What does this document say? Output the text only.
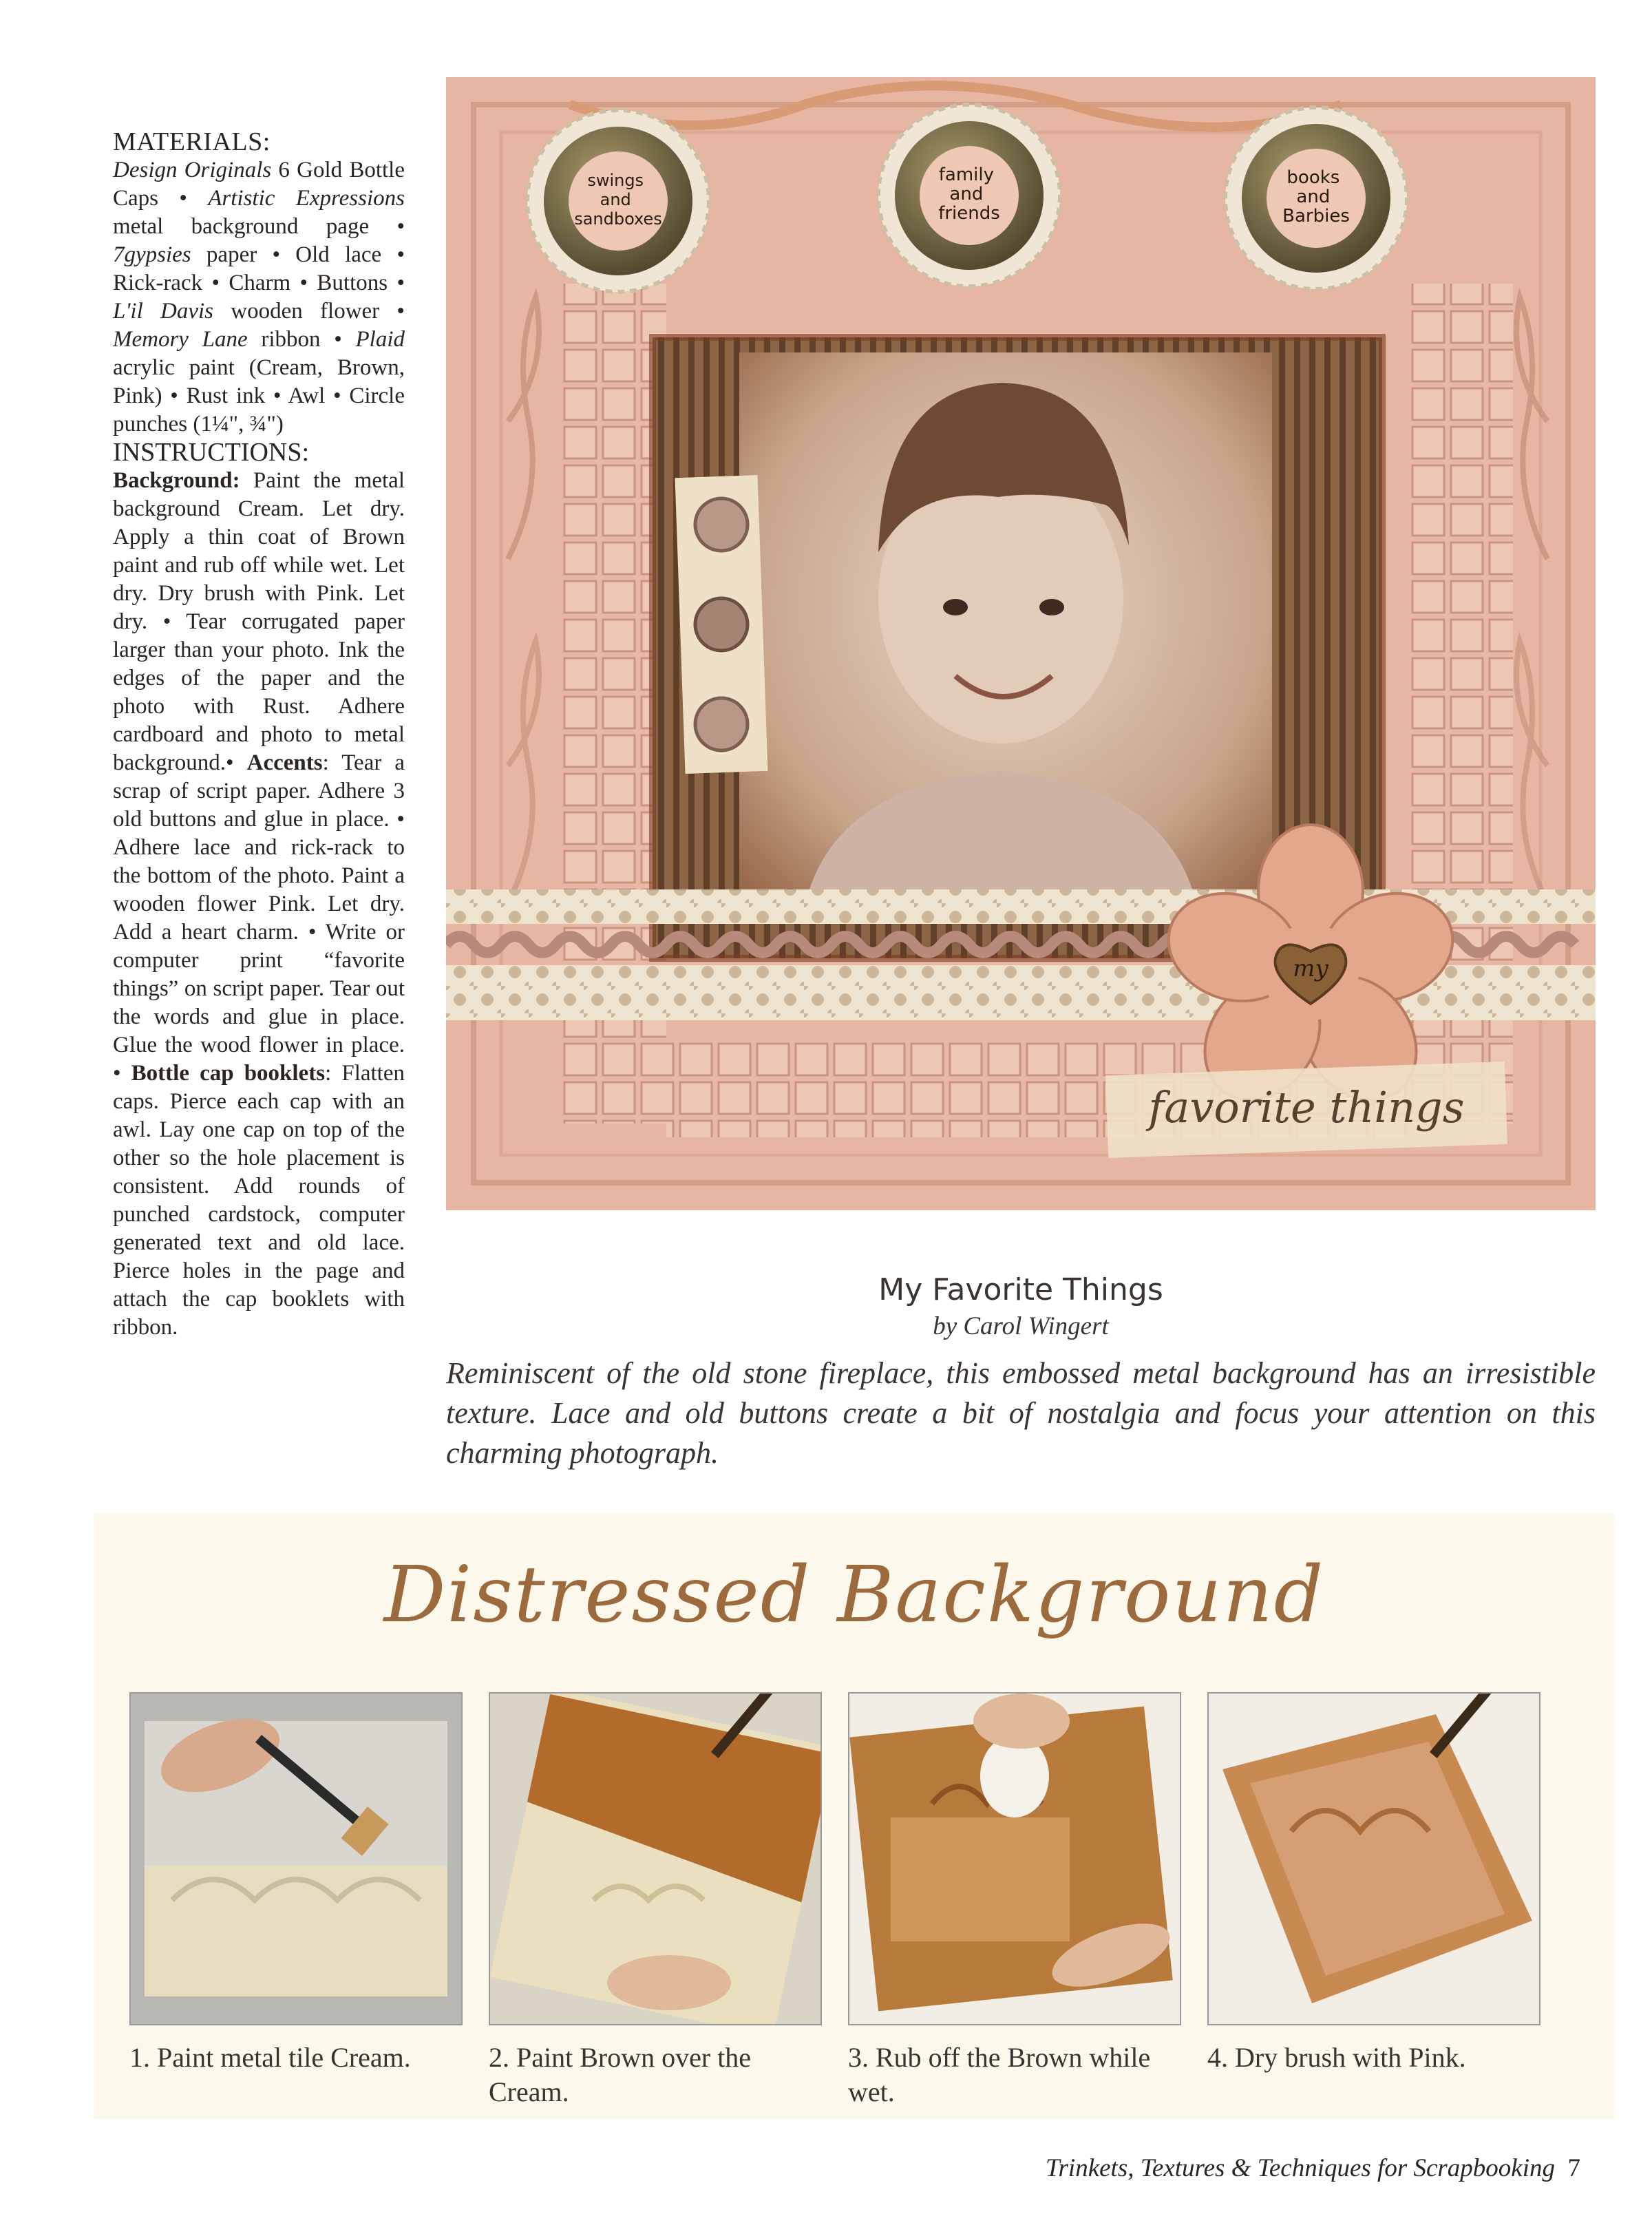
MATERIALS:

Design Originals 6 Gold Bottle Caps • Artistic Expressions metal background page • 7gypsies paper • Old lace • Rick-rack • Charm • Buttons • L'il Davis wooden flower • Memory Lane ribbon • Plaid acrylic paint (Cream, Brown, Pink) • Rust ink • Awl • Circle punches (1¼", ¾")

INSTRUCTIONS:

Background: Paint the metal background Cream. Let dry. Apply a thin coat of Brown paint and rub off while wet. Let dry. Dry brush with Pink. Let dry. • Tear corrugated paper larger than your photo. Ink the edges of the paper and the photo with Rust. Adhere cardboard and photo to metal background.• Accents: Tear a scrap of script paper. Adhere 3 old buttons and glue in place. • Adhere lace and rick-rack to the bottom of the photo. Paint a wooden flower Pink. Let dry. Add a heart charm. • Write or computer print “favorite things” on script paper. Tear out the words and glue in place. Glue the wood flower in place. • Bottle cap booklets: Flatten caps. Pierce each cap with an awl. Lay one cap on top of the other so the hole placement is consistent. Add rounds of punched cardstock, computer generated text and old lace. Pierce holes in the page and attach the cap booklets with ribbon.

my
favorite things
swings and sandboxes
family and friends
books and Barbies

My Favorite Things

by Carol Wingert

Reminiscent of the old stone fireplace, this embossed metal background has an irresistible texture. Lace and old buttons create a bit of nostalgia and focus your attention on this charming photograph.

Distressed Background

1. Paint metal tile Cream.	2. Paint Brown over the Cream.

3. Rub off the Brown while wet.

4. Dry brush with Pink.

Trinkets, Textures & Techniques for Scrapbooking 7
